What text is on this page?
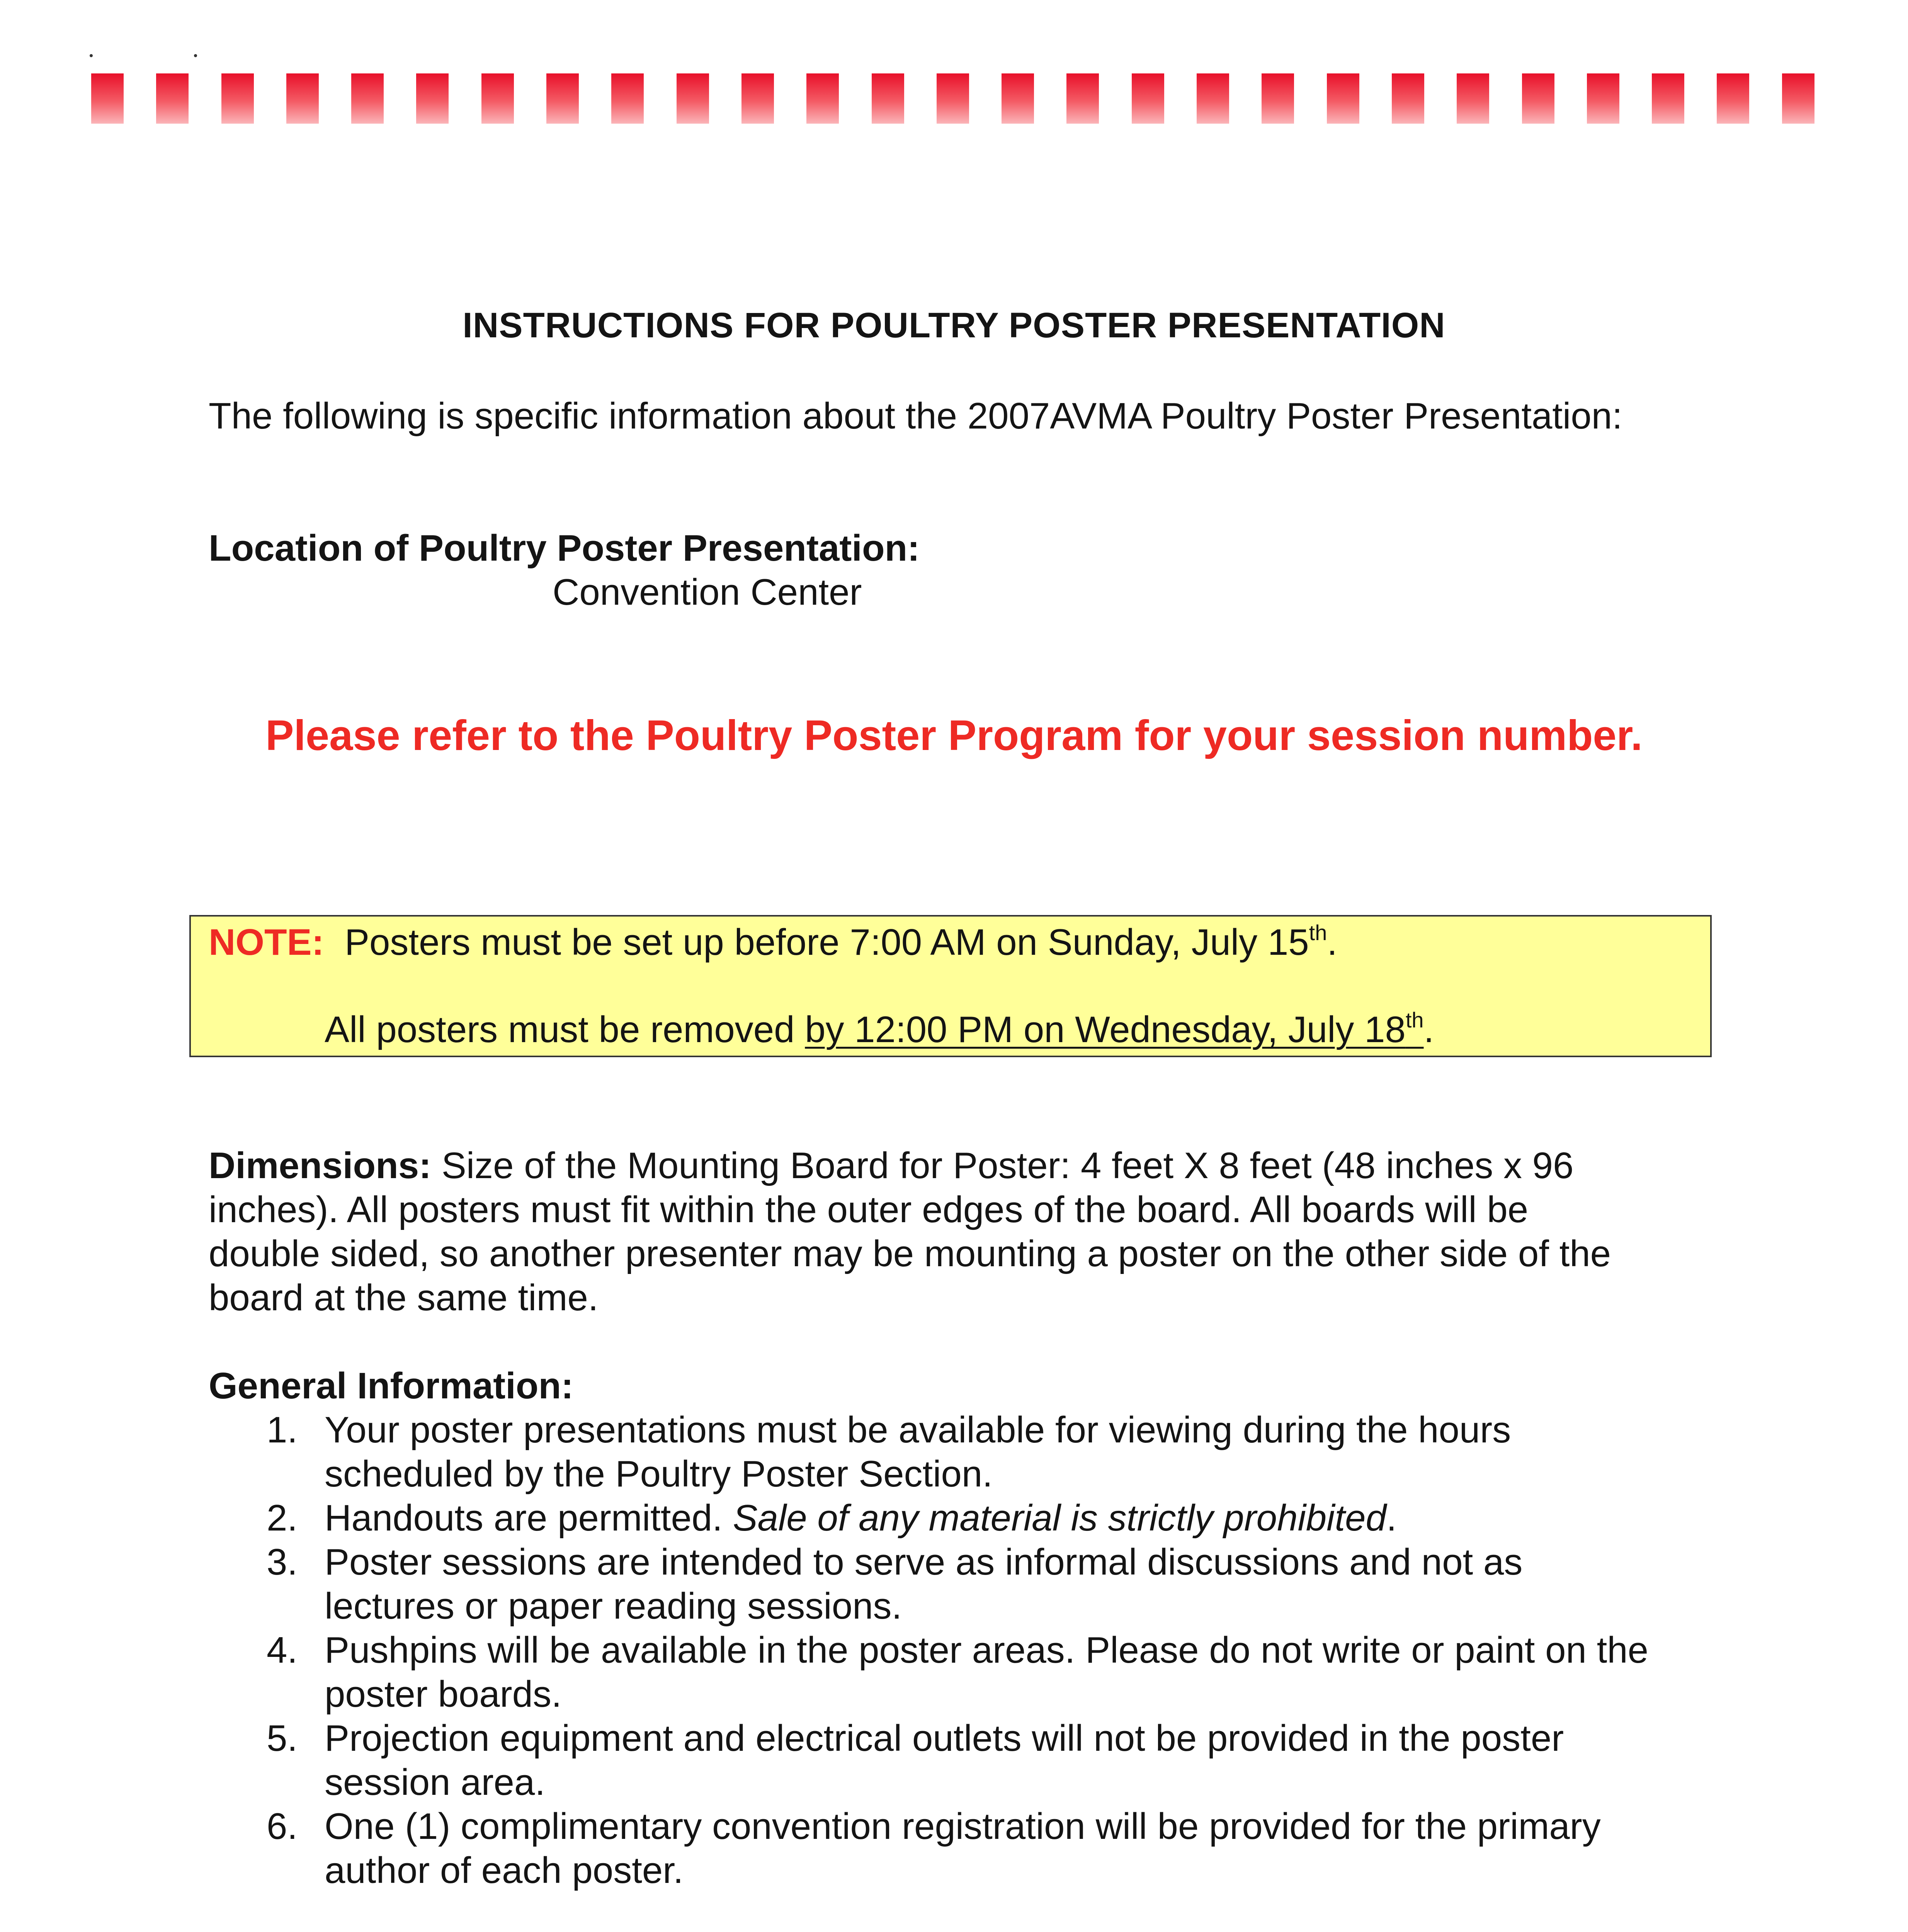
INSTRUCTIONS FOR POULTRY POSTER PRESENTATION
The following is specific information about the 2007AVMA Poultry Poster Presentation:
Location of Poultry Poster Presentation:
Convention Center
Please refer to the Poultry Poster Program for your session number.
NOTE: Posters must be set up before 7:00 AM on Sunday, July 15th.
All posters must be removed by 12:00 PM on Wednesday, July 18th.
Dimensions: Size of the Mounting Board for Poster: 4 feet X 8 feet (48 inches x 96
inches). All posters must fit within the outer edges of the board. All boards will be
double sided, so another presenter may be mounting a poster on the other side of the
board at the same time.
General Information:
1. Your poster presentations must be available for viewing during the hours
scheduled by the Poultry Poster Section.
2. Handouts are permitted. Sale of any material is strictly prohibited.
3. Poster sessions are intended to serve as informal discussions and not as
lectures or paper reading sessions.
4. Pushpins will be available in the poster areas. Please do not write or paint on the
poster boards.
5. Projection equipment and electrical outlets will not be provided in the poster
session area.
6. One (1) complimentary convention registration will be provided for the primary
author of each poster.
